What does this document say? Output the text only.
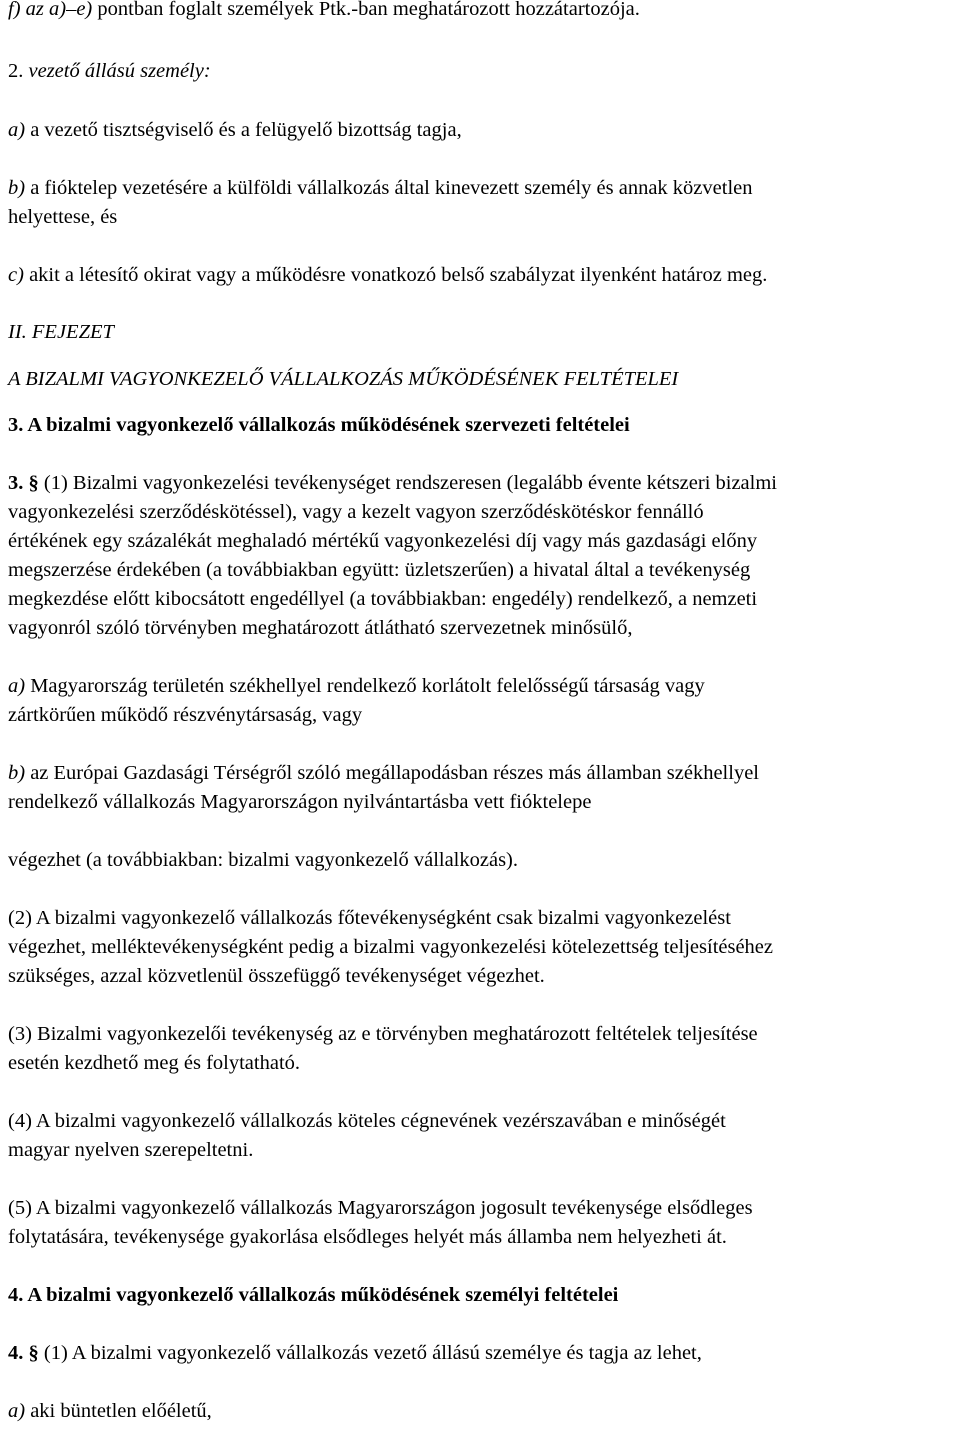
f) az a)–e) pontban foglalt személyek Ptk.-ban meghatározott hozzátartozója.
2. vezető állású személy:
a) a vezető tisztségviselő és a felügyelő bizottság tagja,
b) a fióktelep vezetésére a külföldi vállalkozás által kinevezett személy és annak közvetlen
helyettese, és
c) akit a létesítő okirat vagy a működésre vonatkozó belső szabályzat ilyenként határoz meg.
II. FEJEZET
A BIZALMI VAGYONKEZELŐ VÁLLALKOZÁS MŰKÖDÉSÉNEK FELTÉTELEI
3. A bizalmi vagyonkezelő vállalkozás működésének szervezeti feltételei
3. § (1) Bizalmi vagyonkezelési tevékenységet rendszeresen (legalább évente kétszeri bizalmi
vagyonkezelési szerződéskötéssel), vagy a kezelt vagyon szerződéskötéskor fennálló
értékének egy százalékát meghaladó mértékű vagyonkezelési díj vagy más gazdasági előny
megszerzése érdekében (a továbbiakban együtt: üzletszerűen) a hivatal által a tevékenység
megkezdése előtt kibocsátott engedéllyel (a továbbiakban: engedély) rendelkező, a nemzeti
vagyonról szóló törvényben meghatározott átlátható szervezetnek minősülő,
a) Magyarország területén székhellyel rendelkező korlátolt felelősségű társaság vagy
zártkörűen működő részvénytársaság, vagy
b) az Európai Gazdasági Térségről szóló megállapodásban részes más államban székhellyel
rendelkező vállalkozás Magyarországon nyilvántartásba vett fióktelepe
végezhet (a továbbiakban: bizalmi vagyonkezelő vállalkozás).
(2) A bizalmi vagyonkezelő vállalkozás főtevékenységként csak bizalmi vagyonkezelést
végezhet, melléktevékenységként pedig a bizalmi vagyonkezelési kötelezettség teljesítéséhez
szükséges, azzal közvetlenül összefüggő tevékenységet végezhet.
(3) Bizalmi vagyonkezelői tevékenység az e törvényben meghatározott feltételek teljesítése
esetén kezdhető meg és folytatható.
(4) A bizalmi vagyonkezelő vállalkozás köteles cégnevének vezérszavában e minőségét
magyar nyelven szerepeltetni.
(5) A bizalmi vagyonkezelő vállalkozás Magyarországon jogosult tevékenysége elsődleges
folytatására, tevékenysége gyakorlása elsődleges helyét más államba nem helyezheti át.
4. A bizalmi vagyonkezelő vállalkozás működésének személyi feltételei
4. § (1) A bizalmi vagyonkezelő vállalkozás vezető állású személye és tagja az lehet,
a) aki büntetlen előéletű,
